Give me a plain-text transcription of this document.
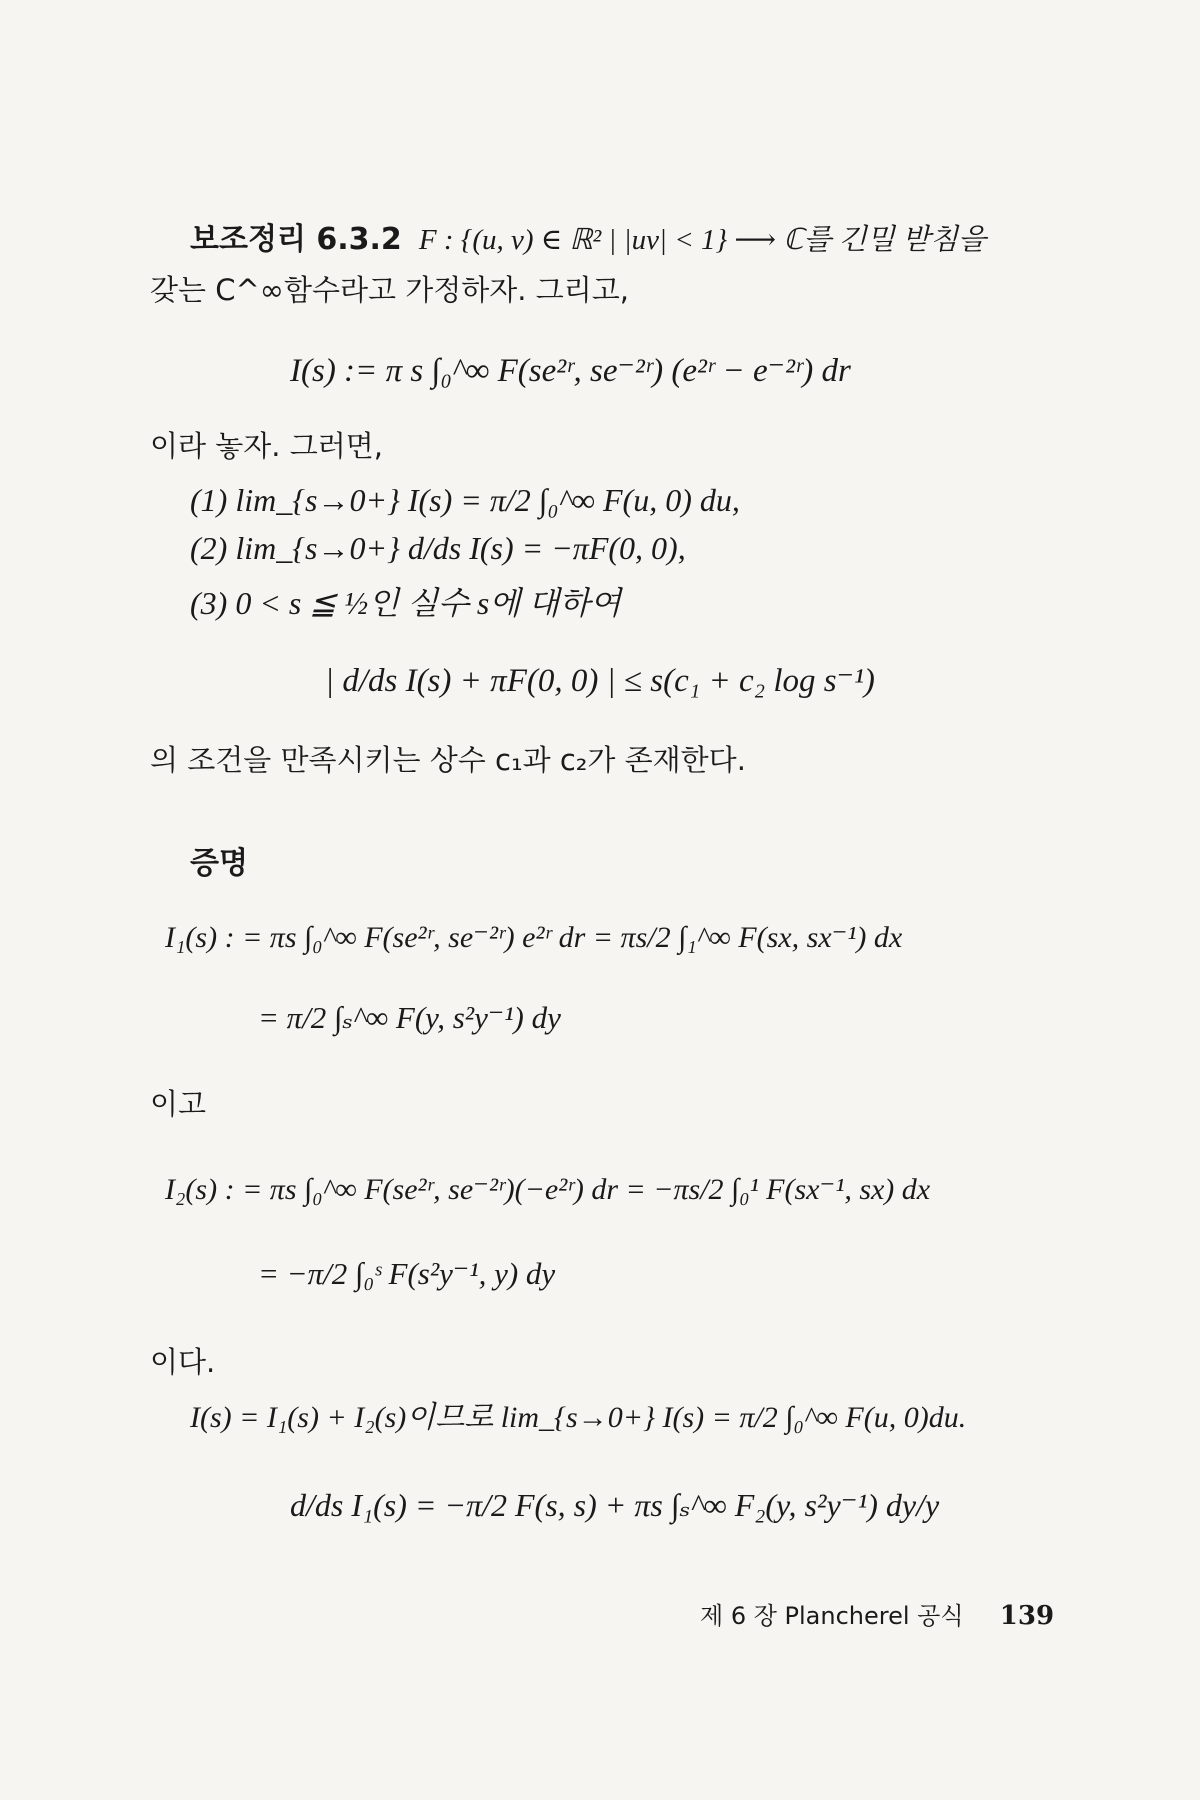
보조정리 6.3.2 F : {(u, v) ∈ ℝ² | |uv| < 1} ⟶ ℂ를 긴밀 받침을
갖는 C^∞함수라고 가정하자. 그리고,
I(s) := π s ∫₀^∞ F(se²ʳ, se⁻²ʳ) (e²ʳ − e⁻²ʳ) dr
이라 놓자. 그러면,
(1) lim_{s→0+} I(s) = π/2 ∫₀^∞ F(u, 0) du,
(2) lim_{s→0+} d/ds I(s) = −πF(0, 0),
(3) 0 < s ≦ ½인 실수 s에 대하여
| d/ds I(s) + πF(0, 0) | ≤ s(c₁ + c₂ log s⁻¹)
의 조건을 만족시키는 상수 c₁과 c₂가 존재한다.
증명
I₁(s) : = πs ∫₀^∞ F(se²ʳ, se⁻²ʳ) e²ʳ dr = πs/2 ∫₁^∞ F(sx, sx⁻¹) dx
= π/2 ∫ₛ^∞ F(y, s²y⁻¹) dy
이고
I₂(s) : = πs ∫₀^∞ F(se²ʳ, se⁻²ʳ)(−e²ʳ) dr = −πs/2 ∫₀¹ F(sx⁻¹, sx) dx
= −π/2 ∫₀ˢ F(s²y⁻¹, y) dy
이다.
I(s) = I₁(s) + I₂(s)이므로 lim_{s→0+} I(s) = π/2 ∫₀^∞ F(u, 0)du.
d/ds I₁(s) = −π/2 F(s, s) + πs ∫ₛ^∞ F₂(y, s²y⁻¹) dy/y
제 6 장 Plancherel 공식 139
